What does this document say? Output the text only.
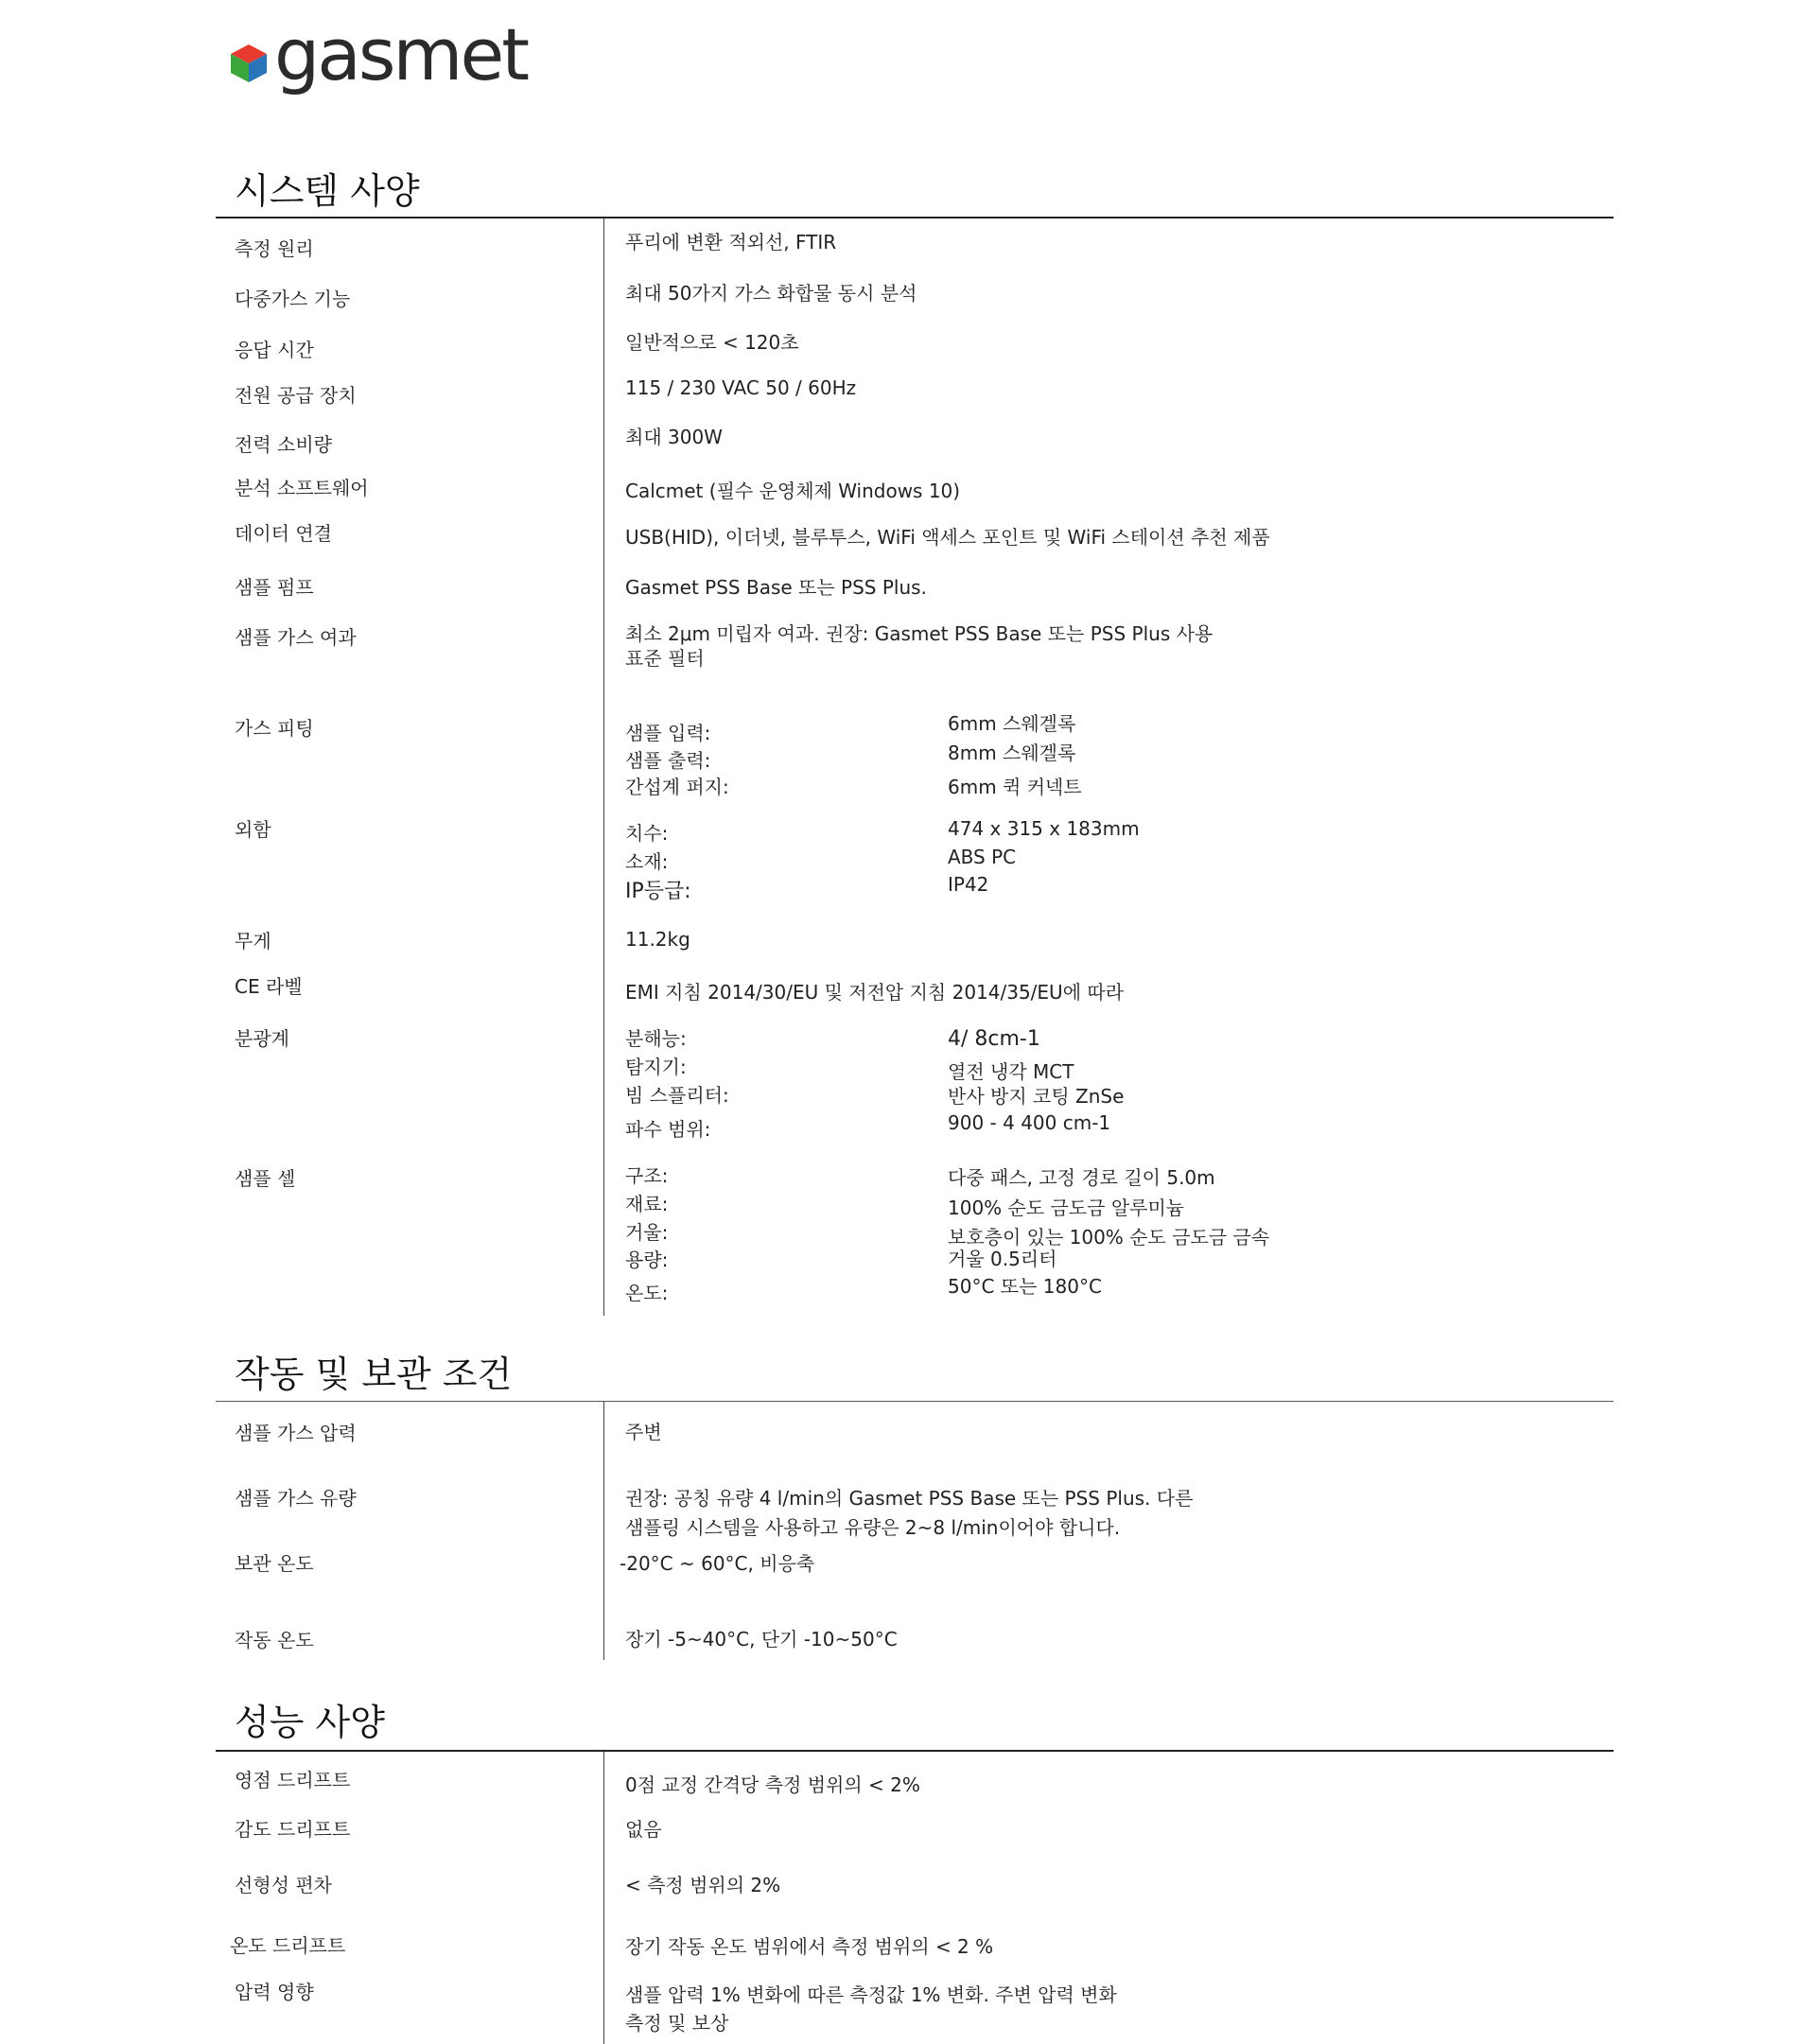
gasmet
시스템 사양
측정 원리	푸리에 변환 적외선, FTIR
다중가스 기능	최대 50가지 가스 화합물 동시 분석
응답 시간	일반적으로 < 120초
전원 공급 장치	115 / 230 VAC 50 / 60Hz
전력 소비량	최대 300W
분석 소프트웨어	Calcmet (필수 운영체제 Windows 10)
데이터 연결	USB(HID), 이더넷, 블루투스, WiFi 액세스 포인트 및 WiFi 스테이션 추천 제품
샘플 펌프	Gasmet PSS Base 또는 PSS Plus.
샘플 가스 여과	최소 2μm 미립자 여과. 권장: Gasmet PSS Base 또는 PSS Plus 사용
표준 필터
가스 피팅	샘플 입력:	6mm 스웨겔록
샘플 출력:	8mm 스웨겔록
간섭계 퍼지:	6mm 퀵 커넥트
외함	치수:	474 x 315 x 183mm
소재:	ABS PC
IP등급:	IP42
무게	11.2kg
CE 라벨	EMI 지침 2014/30/EU 및 저전압 지침 2014/35/EU에 따라
분광계	분해능:	4/ 8cm-1
탐지기:	열전 냉각 MCT
빔 스플리터:	반사 방지 코팅 ZnSe
파수 범위:	900 - 4 400 cm-1
샘플 셀	구조:	다중 패스, 고정 경로 길이 5.0m
재료:	100% 순도 금도금 알루미늄
거울:	보호층이 있는 100% 순도 금도금 금속
용량:	거울 0.5리터
온도:	50°C 또는 180°C
작동 및 보관 조건
샘플 가스 압력	주변
샘플 가스 유량	권장: 공칭 유량 4 l/min의 Gasmet PSS Base 또는 PSS Plus. 다른
샘플링 시스템을 사용하고 유량은 2~8 l/min이어야 합니다.
보관 온도	-20°C ~ 60°C, 비응축
작동 온도	장기 -5~40°C, 단기 -10~50°C
성능 사양
영점 드리프트	0점 교정 간격당 측정 범위의 < 2%
감도 드리프트	없음
선형성 편차	< 측정 범위의 2%
온도 드리프트	장기 작동 온도 범위에서 측정 범위의 < 2 %
압력 영향	샘플 압력 1% 변화에 따른 측정값 1% 변화. 주변 압력 변화
측정 및 보상
